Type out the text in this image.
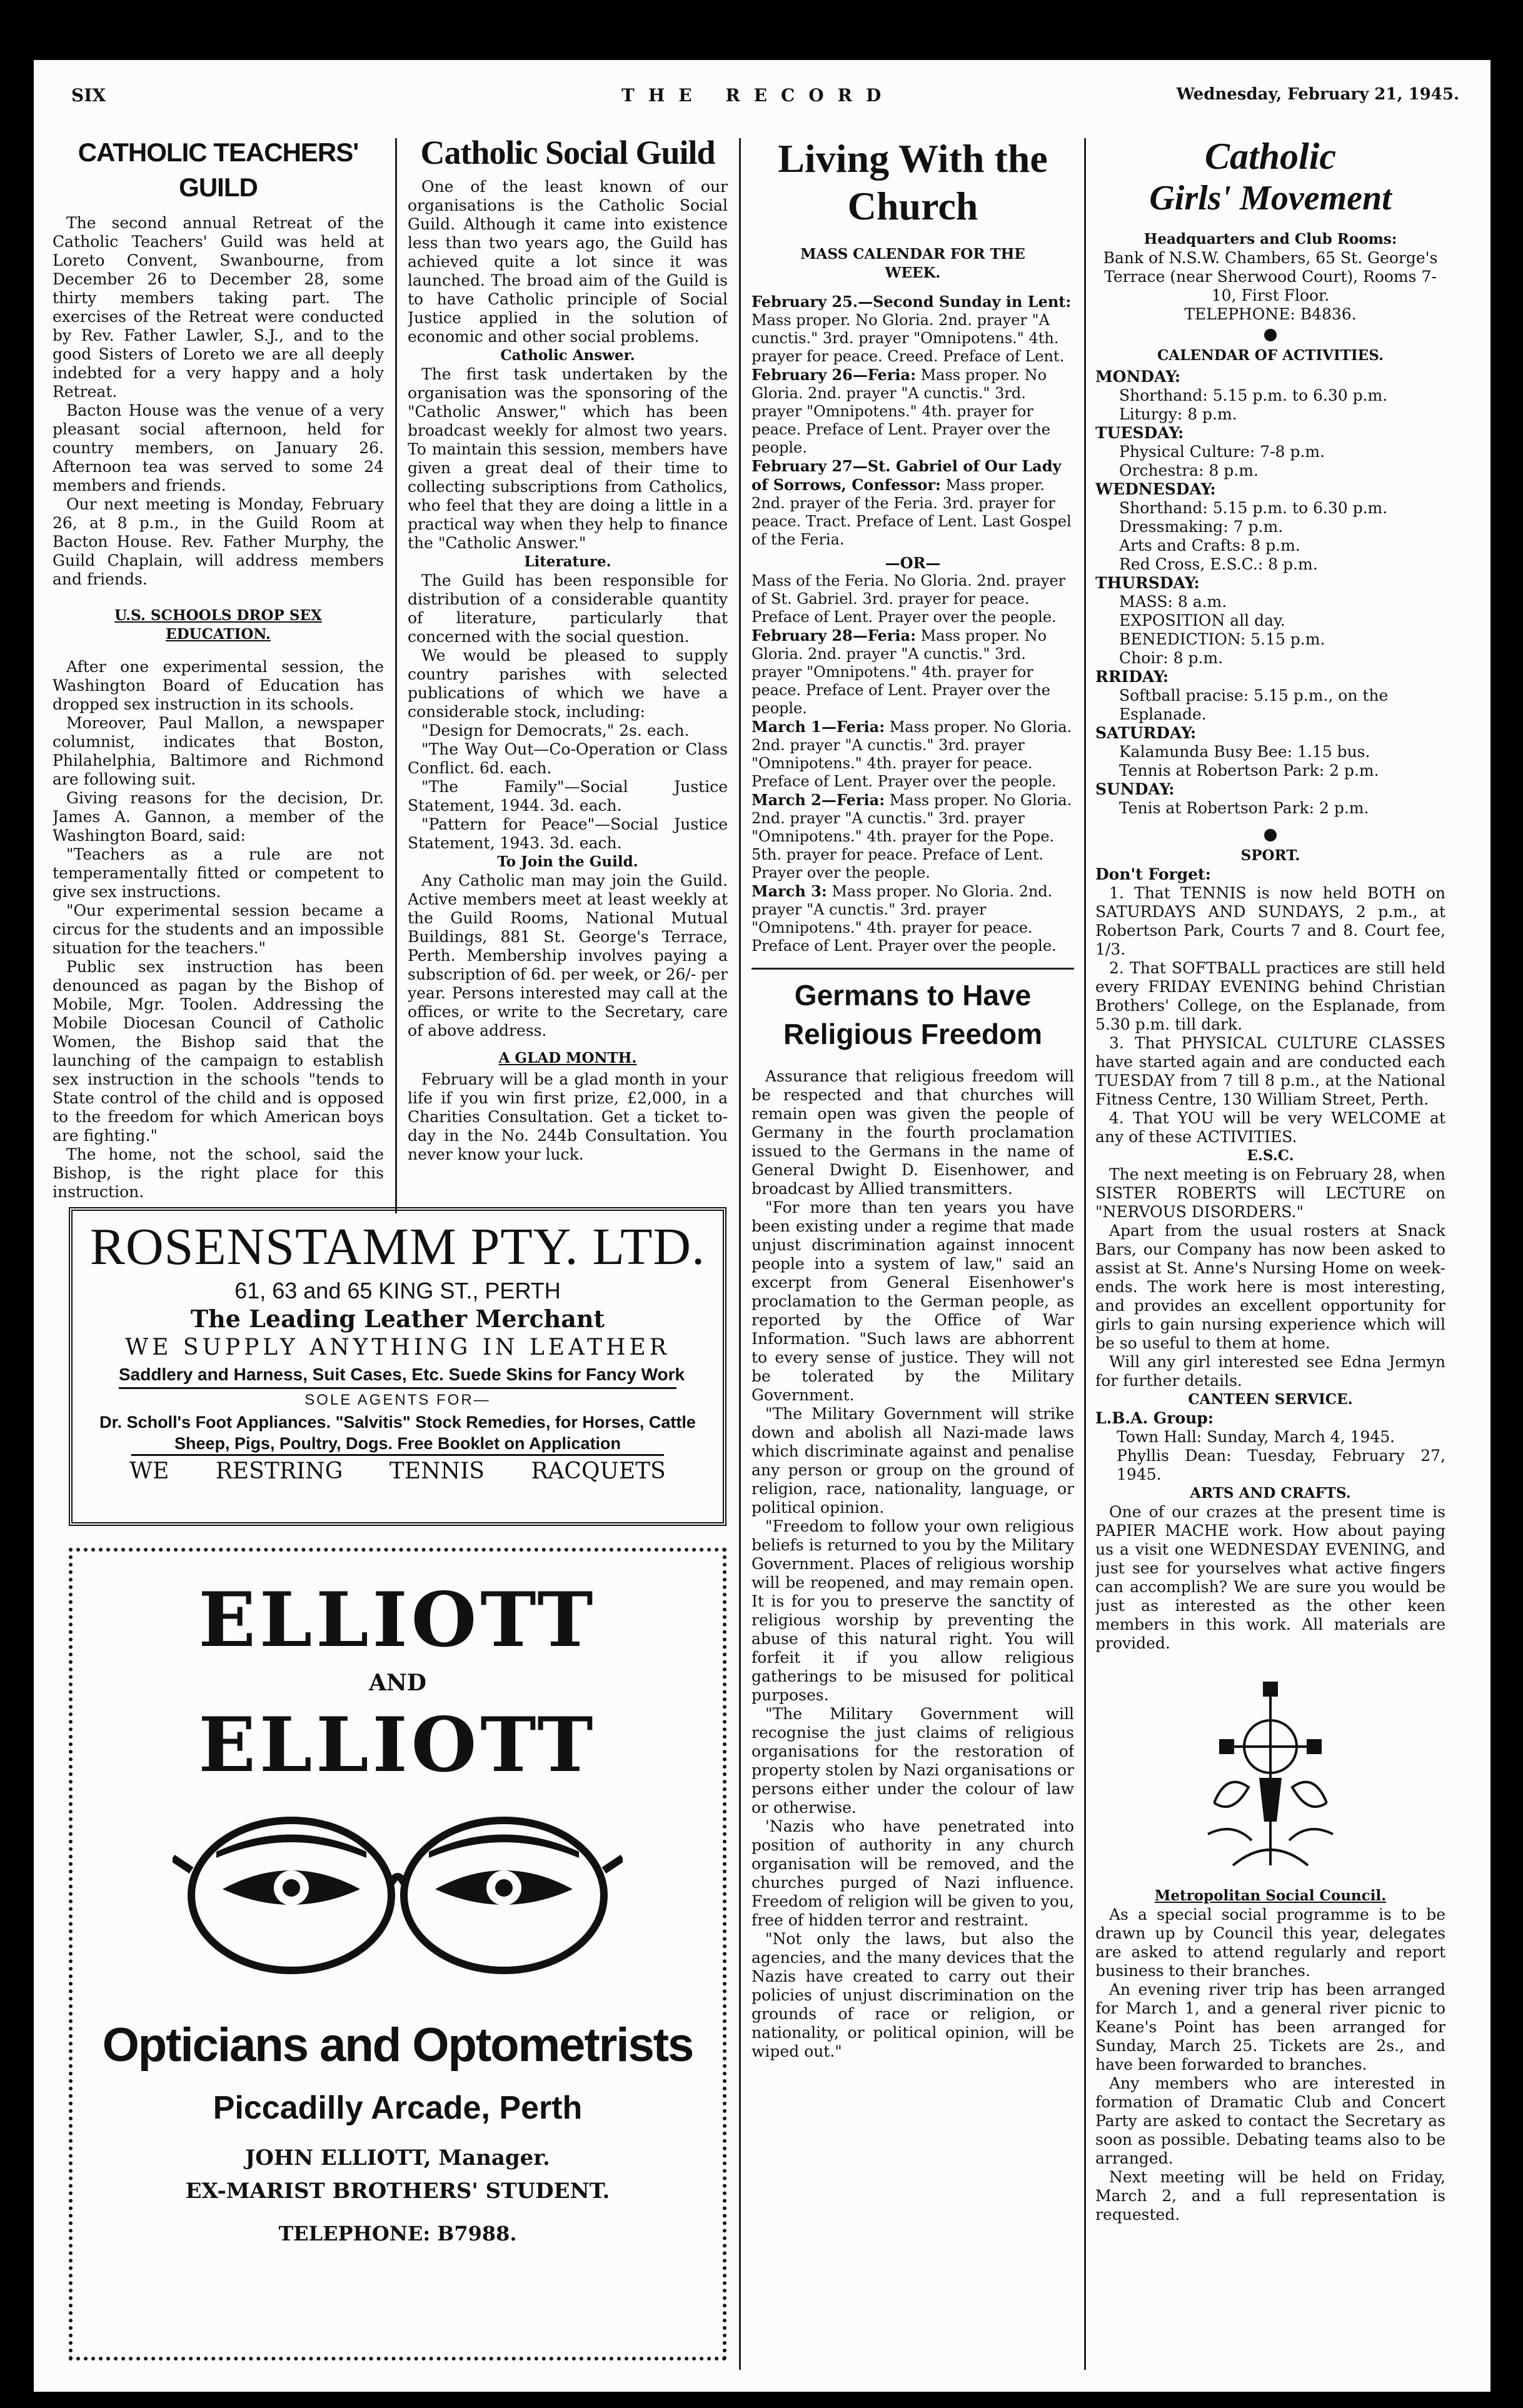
SIX	THE RECORD	Wednesday, February 21, 1945.
CATHOLIC TEACHERS' GUILD

The second annual Retreat of the Catholic Teachers' Guild was held at Loreto Convent, Swanbourne, from December 26 to December 28, some thirty members taking part. The exercises of the Retreat were conducted by Rev. Father Lawler, S.J., and to the good Sisters of Loreto we are all deeply indebted for a very happy and a holy Retreat.

Bacton House was the venue of a very pleasant social afternoon, held for country members, on January 26. Afternoon tea was served to some 24 members and friends.

Our next meeting is Monday, February 26, at 8 p.m., in the Guild Room at Bacton House. Rev. Father Murphy, the Guild Chaplain, will address members and friends.

U.S. SCHOOLS DROP SEX EDUCATION.

After one experimental session, the Washington Board of Education has dropped sex instruction in its schools.

Moreover, Paul Mallon, a newspaper columnist, indicates that Boston, Philahelphia, Baltimore and Richmond are following suit.

Giving reasons for the decision, Dr. James A. Gannon, a member of the Washington Board, said:

"Teachers as a rule are not temperamentally fitted or competent to give sex instructions.

"Our experimental session became a circus for the students and an impossible situation for the teachers."

Public sex instruction has been denounced as pagan by the Bishop of Mobile, Mgr. Toolen. Addressing the Mobile Diocesan Council of Catholic Women, the Bishop said that the launching of the campaign to establish sex instruction in the schools "tends to State control of the child and is opposed to the freedom for which American boys are fighting."

The home, not the school, said the Bishop, is the right place for this instruction.

Catholic Social Guild

One of the least known of our organisations is the Catholic Social Guild. Although it came into existence less than two years ago, the Guild has achieved quite a lot since it was launched. The broad aim of the Guild is to have Catholic principle of Social Justice applied in the solution of economic and other social problems.

Catholic Answer.

The first task undertaken by the organisation was the sponsoring of the "Catholic Answer," which has been broadcast weekly for almost two years. To maintain this session, members have given a great deal of their time to collecting subscriptions from Catholics, who feel that they are doing a little in a practical way when they help to finance the "Catholic Answer."

Literature.

The Guild has been responsible for distribution of a considerable quantity of literature, particularly that concerned with the social question.

We would be pleased to supply country parishes with selected publications of which we have a considerable stock, including:

"Design for Democrats," 2s. each.

"The Way Out—Co-Operation or Class Conflict. 6d. each.

"The Family"—Social Justice Statement, 1944. 3d. each.

"Pattern for Peace"—Social Justice Statement, 1943. 3d. each.

To Join the Guild.

Any Catholic man may join the Guild. Active members meet at least weekly at the Guild Rooms, National Mutual Buildings, 881 St. George's Terrace, Perth. Membership involves paying a subscription of 6d. per week, or 26/- per year. Persons interested may call at the offices, or write to the Secretary, care of above address.

A GLAD MONTH.

February will be a glad month in your life if you win first prize, £2,000, in a Charities Consultation. Get a ticket to-day in the No. 244b Consultation. You never know your luck.

Living With the Church
MASS CALENDAR FOR THE WEEK.
February 25.—Second Sunday in Lent: Mass proper. No Gloria. 2nd. prayer "A cunctis." 3rd. prayer "Omnipotens." 4th. prayer for peace. Creed. Preface of Lent.
February 26—Feria: Mass proper. No Gloria. 2nd. prayer "A cunctis." 3rd. prayer "Omnipotens." 4th. prayer for peace. Preface of Lent. Prayer over the people.
February 27—St. Gabriel of Our Lady of Sorrows, Confessor: Mass proper. 2nd. prayer of the Feria. 3rd. prayer for peace. Tract. Preface of Lent. Last Gospel of the Feria.
—OR—
Mass of the Feria. No Gloria. 2nd. prayer of St. Gabriel. 3rd. prayer for peace. Preface of Lent. Prayer over the people.
February 28—Feria: Mass proper. No Gloria. 2nd. prayer "A cunctis." 3rd. prayer "Omnipotens." 4th. prayer for peace. Preface of Lent. Prayer over the people.
March 1—Feria: Mass proper. No Gloria. 2nd. prayer "A cunctis." 3rd. prayer "Omnipotens." 4th. prayer for peace. Preface of Lent. Prayer over the people.
March 2—Feria: Mass proper. No Gloria. 2nd. prayer "A cunctis." 3rd. prayer "Omnipotens." 4th. prayer for the Pope. 5th. prayer for peace. Preface of Lent. Prayer over the people.
March 3: Mass proper. No Gloria. 2nd. prayer "A cunctis." 3rd. prayer "Omnipotens." 4th. prayer for peace. Preface of Lent. Prayer over the people.
Germans to Have Religious Freedom

Assurance that religious freedom will be respected and that churches will remain open was given the people of Germany in the fourth proclamation issued to the Germans in the name of General Dwight D. Eisenhower, and broadcast by Allied transmitters.

"For more than ten years you have been existing under a regime that made unjust discrimination against innocent people into a system of law," said an excerpt from General Eisenhower's proclamation to the German people, as reported by the Office of War Information. "Such laws are abhorrent to every sense of justice. They will not be tolerated by the Military Government.

"The Military Government will strike down and abolish all Nazi-made laws which discriminate against and penalise any person or group on the ground of religion, race, nationality, language, or political opinion.

"Freedom to follow your own religious beliefs is returned to you by the Military Government. Places of religious worship will be reopened, and may remain open. It is for you to preserve the sanctity of religious worship by preventing the abuse of this natural right. You will forfeit it if you allow religious gatherings to be misused for political purposes.

"The Military Government will recognise the just claims of religious organisations for the restoration of property stolen by Nazi organisations or persons either under the colour of law or otherwise.

'Nazis who have penetrated into position of authority in any church organisation will be removed, and the churches purged of Nazi influence. Freedom of religion will be given to you, free of hidden terror and restraint.

"Not only the laws, but also the agencies, and the many devices that the Nazis have created to carry out their policies of unjust discrimination on the grounds of race or religion, or nationality, or political opinion, will be wiped out."

Catholic
Girls' Movement
Headquarters and Club Rooms:

Bank of N.S.W. Chambers, 65 St. George's Terrace (near Sherwood Court), Rooms 7-10, First Floor.

TELEPHONE: B4836.

CALENDAR OF ACTIVITIES.
MONDAY:
Shorthand: 5.15 p.m. to 6.30 p.m.
Liturgy: 8 p.m.
TUESDAY:
Physical Culture: 7-8 p.m.
Orchestra: 8 p.m.
WEDNESDAY:
Shorthand: 5.15 p.m. to 6.30 p.m.
Dressmaking: 7 p.m.
Arts and Crafts: 8 p.m.
Red Cross, E.S.C.: 8 p.m.
THURSDAY:
MASS: 8 a.m.
EXPOSITION all day.
BENEDICTION: 5.15 p.m.
Choir: 8 p.m.
RRIDAY:
Softball pracise: 5.15 p.m., on the Esplanade.
SATURDAY:
Kalamunda Busy Bee: 1.15 bus.
Tennis at Robertson Park: 2 p.m.
SUNDAY:
Tenis at Robertson Park: 2 p.m.
SPORT.

Don't Forget:

1. That TENNIS is now held BOTH on SATURDAYS AND SUNDAYS, 2 p.m., at Robertson Park, Courts 7 and 8. Court fee, 1/3.

2. That SOFTBALL practices are still held every FRIDAY EVENING behind Christian Brothers' College, on the Esplanade, from 5.30 p.m. till dark.

3. That PHYSICAL CULTURE CLASSES have started again and are conducted each TUESDAY from 7 till 8 p.m., at the National Fitness Centre, 130 William Street, Perth.

4. That YOU will be very WELCOME at any of these ACTIVITIES.

E.S.C.

The next meeting is on February 28, when SISTER ROBERTS will LECTURE on "NERVOUS DISORDERS."

Apart from the usual rosters at Snack Bars, our Company has now been asked to assist at St. Anne's Nursing Home on week-ends. The work here is most interesting, and provides an excellent opportunity for girls to gain nursing experience which will be so useful to them at home.

Will any girl interested see Edna Jermyn for further details.

CANTEEN SERVICE.

L.B.A. Group:

Town Hall: Sunday, March 4, 1945.

Phyllis Dean: Tuesday, February 27, 1945.

ARTS AND CRAFTS.

One of our crazes at the present time is PAPIER MACHE work. How about paying us a visit one WEDNESDAY EVENING, and just see for yourselves what active fingers can accomplish? We are sure you would be just as interested as the other keen members in this work. All materials are provided.

Metropolitan Social Council.

As a special social programme is to be drawn up by Council this year, delegates are asked to attend regularly and report business to their branches.

An evening river trip has been arranged for March 1, and a general river picnic to Keane's Point has been arranged for Sunday, March 25. Tickets are 2s., and have been forwarded to branches.

Any members who are interested in formation of Dramatic Club and Concert Party are asked to contact the Secretary as soon as possible. Debating teams also to be arranged.

Next meeting will be held on Friday, March 2, and a full representation is requested.

ROSENSTAMM PTY. LTD.
61, 63 and 65 KING ST., PERTH
The Leading Leather Merchant
WE SUPPLY ANYTHING IN LEATHER
Saddlery and Harness, Suit Cases, Etc. Suede Skins for Fancy Work
SOLE AGENTS FOR—
Dr. Scholl's Foot Appliances. "Salvitis" Stock Remedies, for Horses, Cattle
Sheep, Pigs, Poultry, Dogs. Free Booklet on Application
WE RESTRING TENNIS RACQUETS
ELLIOTT
AND
ELLIOTT
Opticians and Optometrists
Piccadilly Arcade, Perth
JOHN ELLIOTT, Manager.
EX-MARIST BROTHERS' STUDENT.
TELEPHONE: B7988.
